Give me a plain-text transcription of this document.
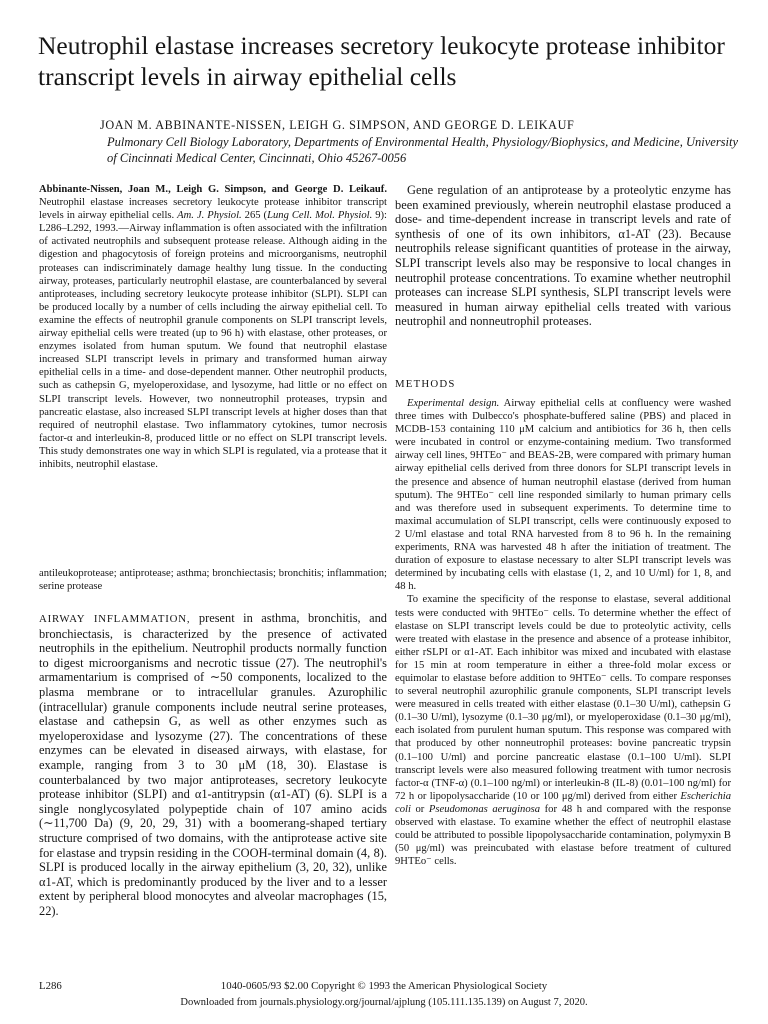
Neutrophil elastase increases secretory leukocyte protease inhibitor transcript levels in airway epithelial cells

JOAN M. ABBINANTE-NISSEN, LEIGH G. SIMPSON, AND GEORGE D. LEIKAUF

Pulmonary Cell Biology Laboratory, Departments of Environmental Health, Physiology/Biophysics, and Medicine, University of Cincinnati Medical Center, Cincinnati, Ohio 45267-0056

Abbinante-Nissen, Joan M., Leigh G. Simpson, and George D. Leikauf. Neutrophil elastase increases secretory leukocyte protease inhibitor transcript levels in airway epithelial cells. Am. J. Physiol. 265 (Lung Cell. Mol. Physiol. 9): L286–L292, 1993.—Airway inflammation is often associated with the infiltration of activated neutrophils and subsequent protease release. Although aiding in the digestion and phagocytosis of foreign proteins and microorganisms, neutrophil proteases can indiscriminately damage healthy lung tissue. In the conducting airway, proteases, particularly neutrophil elastase, are counterbalanced by several antiproteases, including secretory leukocyte protease inhibitor (SLPI). SLPI can be produced locally by a number of cells including the airway epithelial cell. To examine the effects of neutrophil granule components on SLPI transcript levels, airway epithelial cells were treated (up to 96 h) with elastase, other proteases, or enzymes isolated from human sputum. We found that neutrophil elastase increased SLPI transcript levels in primary and transformed human airway epithelial cells in a time- and dose-dependent manner. Other neutrophil products, such as cathepsin G, myeloperoxidase, and lysozyme, had little or no effect on SLPI transcript levels. However, two nonneutrophil proteases, trypsin and pancreatic elastase, also increased SLPI transcript levels at higher doses than that required of neutrophil elastase. Two inflammatory cytokines, tumor necrosis factor-α and interleukin-8, produced little or no effect on SLPI transcript levels. This study demonstrates one way in which SLPI is regulated, via a protease that it inhibits, neutrophil elastase.

antileukoprotease; antiprotease; asthma; bronchiectasis; bronchitis; inflammation; serine protease

AIRWAY INFLAMMATION, present in asthma, bronchitis, and bronchiectasis, is characterized by the presence of activated neutrophils in the epithelium. Neutrophil products normally function to digest microorganisms and necrotic tissue (27). The neutrophil's armamentarium is comprised of ∼50 components, localized to the plasma membrane or to intracellular granules. Azurophilic (intracellular) granule components include neutral serine proteases, elastase and cathepsin G, as well as other enzymes such as myeloperoxidase and lysozyme (27). The concentrations of these enzymes can be elevated in diseased airways, with elastase, for example, ranging from 3 to 30 μM (18, 30). Elastase is counterbalanced by two major antiproteases, secretory leukocyte protease inhibitor (SLPI) and α1-antitrypsin (α1-AT) (6). SLPI is a single nonglycosylated polypeptide chain of 107 amino acids (∼11,700 Da) (9, 20, 29, 31) with a boomerang-shaped tertiary structure comprised of two domains, with the antiprotease active site for elastase and trypsin residing in the COOH-terminal domain (4, 8). SLPI is produced locally in the airway epithelium (3, 20, 32), unlike α1-AT, which is predominantly produced by the liver and to a lesser extent by peripheral blood monocytes and alveolar macrophages (15, 22).

Gene regulation of an antiprotease by a proteolytic enzyme has been examined previously, wherein neutrophil elastase produced a dose- and time-dependent increase in transcript levels and rate of synthesis of one of its own inhibitors, α1-AT (23). Because neutrophils release significant quantities of protease in the airway, SLPI transcript levels also may be responsive to local changes in neutrophil protease concentrations. To examine whether neutrophil proteases can increase SLPI synthesis, SLPI transcript levels were measured in human airway epithelial cells treated with various neutrophil and nonneutrophil proteases.

METHODS

Experimental design. Airway epithelial cells at confluency were washed three times with Dulbecco's phosphate-buffered saline (PBS) and placed in MCDB-153 containing 110 μM calcium and antibiotics for 36 h, then cells were incubated in control or enzyme-containing medium. Two transformed airway cell lines, 9HTEo⁻ and BEAS-2B, were compared with primary human airway epithelial cells derived from three donors for SLPI transcript levels in the presence and absence of human neutrophil elastase (derived from human sputum). The 9HTEo⁻ cell line responded similarly to human primary cells and was therefore used in subsequent experiments. To determine time to maximal accumulation of SLPI transcript, cells were continuously exposed to 2 U/ml elastase and total RNA harvested from 8 to 96 h. In the remaining experiments, RNA was harvested 48 h after the initiation of treatment. The duration of exposure to elastase necessary to alter SLPI transcript levels was determined by incubating cells with elastase (1, 2, and 10 U/ml) for 1, 8, and 48 h.

To examine the specificity of the response to elastase, several additional tests were conducted with 9HTEo⁻ cells. To determine whether the effect of elastase on SLPI transcript levels could be due to proteolytic activity, cells were treated with elastase in the presence and absence of a protease inhibitor, either rSLPI or α1-AT. Each inhibitor was mixed and incubated with elastase for 15 min at room temperature in either a three-fold molar excess or equimolar to elastase before addition to 9HTEo⁻ cells. To compare responses to several neutrophil azurophilic granule components, SLPI transcript levels were measured in cells treated with either elastase (0.1–30 U/ml), cathepsin G (0.1–30 U/ml), lysozyme (0.1–30 μg/ml), or myeloperoxidase (0.1–30 μg/ml), each isolated from purulent human sputum. This response was compared with that produced by other nonneutrophil proteases: bovine pancreatic trypsin (0.1–100 U/ml) and porcine pancreatic elastase (0.1–100 U/ml). SLPI transcript levels were also measured following treatment with tumor necrosis factor-α (TNF-α) (0.1–100 ng/ml) or interleukin-8 (IL-8) (0.01–100 ng/ml) for 72 h or lipopolysaccharide (10 or 100 μg/ml) derived from either Escherichia coli or Pseudomonas aeruginosa for 48 h and compared with the response observed with elastase. To examine whether the effect of neutrophil elastase could be attributed to possible lipopolysaccharide contamination, polymyxin B (50 μg/ml) was preincubated with elastase before treatment of cultured 9HTEo⁻ cells.

L286	1040-0605/93 $2.00 Copyright © 1993 the American Physiological Society

Downloaded from journals.physiology.org/journal/ajplung (105.111.135.139) on August 7, 2020.
